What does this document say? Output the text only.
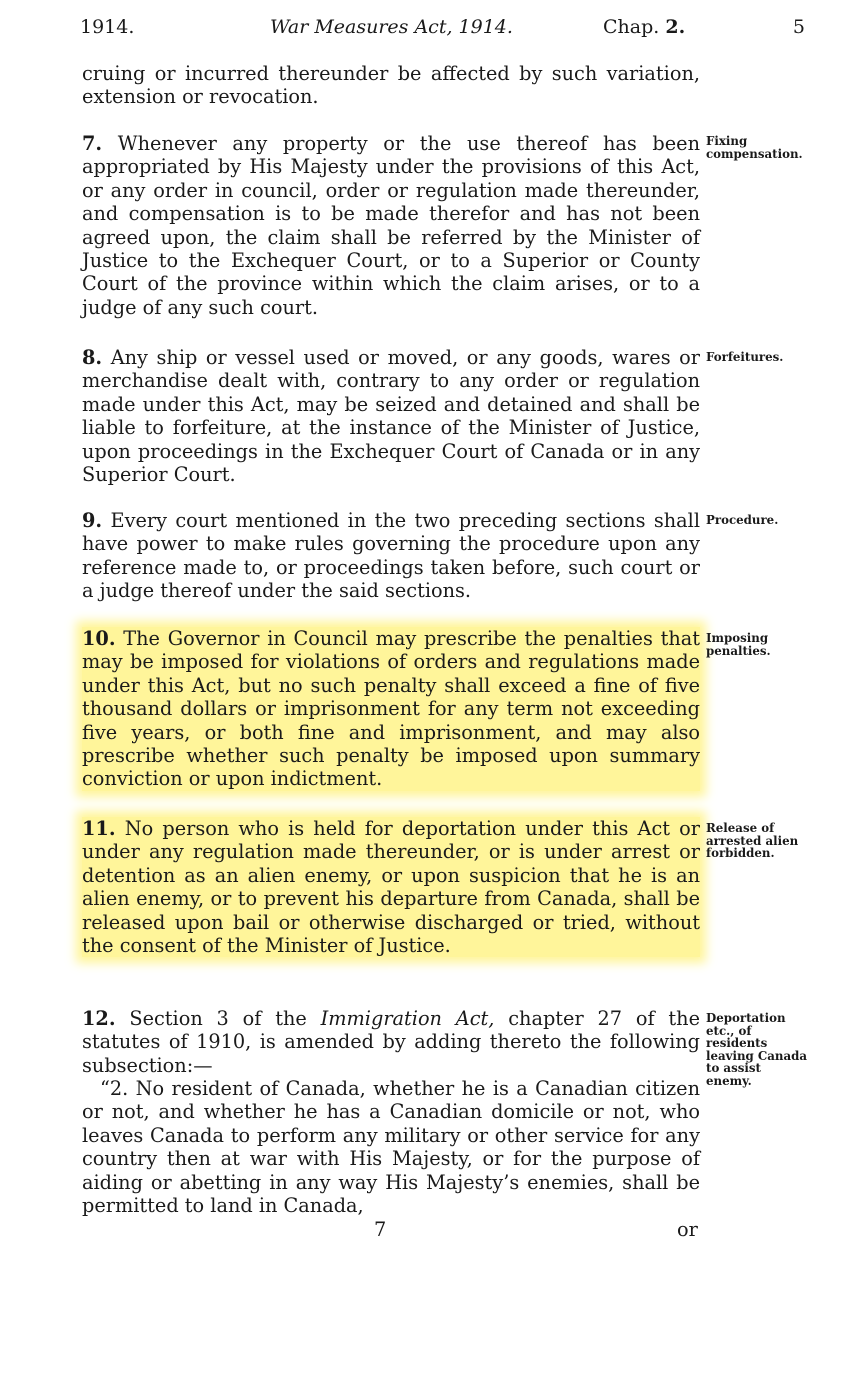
1914.	War Measures Act, 1914.	Chap. 2.	5
cruing or incurred thereunder be affected by such variation, extension or revocation.
7. Whenever any property or the use thereof has been appropriated by His Majesty under the provisions of this Act, or any order in council, order or regulation made thereunder, and compensation is to be made therefor and has not been agreed upon, the claim shall be referred by the Minister of Justice to the Exchequer Court, or to a Superior or County Court of the province within which the claim arises, or to a judge of any such court.
Fixing compensation.
8. Any ship or vessel used or moved, or any goods, wares or merchandise dealt with, contrary to any order or regulation made under this Act, may be seized and detained and shall be liable to forfeiture, at the instance of the Minister of Justice, upon proceedings in the Exchequer Court of Canada or in any Superior Court.
Forfeitures.
9. Every court mentioned in the two preceding sections shall have power to make rules governing the procedure upon any reference made to, or proceedings taken before, such court or a judge thereof under the said sections.
Procedure.
10. The Governor in Council may prescribe the penalties that may be imposed for violations of orders and regulations made under this Act, but no such penalty shall exceed a fine of five thousand dollars or imprisonment for any term not exceeding five years, or both fine and imprisonment, and may also prescribe whether such penalty be imposed upon summary conviction or upon indictment.
Imposing penalties.
11. No person who is held for deportation under this Act or under any regulation made thereunder, or is under arrest or detention as an alien enemy, or upon suspicion that he is an alien enemy, or to prevent his departure from Canada, shall be released upon bail or otherwise discharged or tried, without the consent of the Minister of Justice.
Release of arrested alien forbidden.
12. Section 3 of the Immigration Act, chapter 27 of the statutes of 1910, is amended by adding thereto the following subsection:—
Deportation etc., of residents leaving Canada to assist enemy.
“2. No resident of Canada, whether he is a Canadian citizen or not, and whether he has a Canadian domicile or not, who leaves Canada to perform any military or other service for any country then at war with His Majesty, or for the purpose of aiding or abetting in any way His Majesty’s enemies, shall be permitted to land in Canada,
7	or
